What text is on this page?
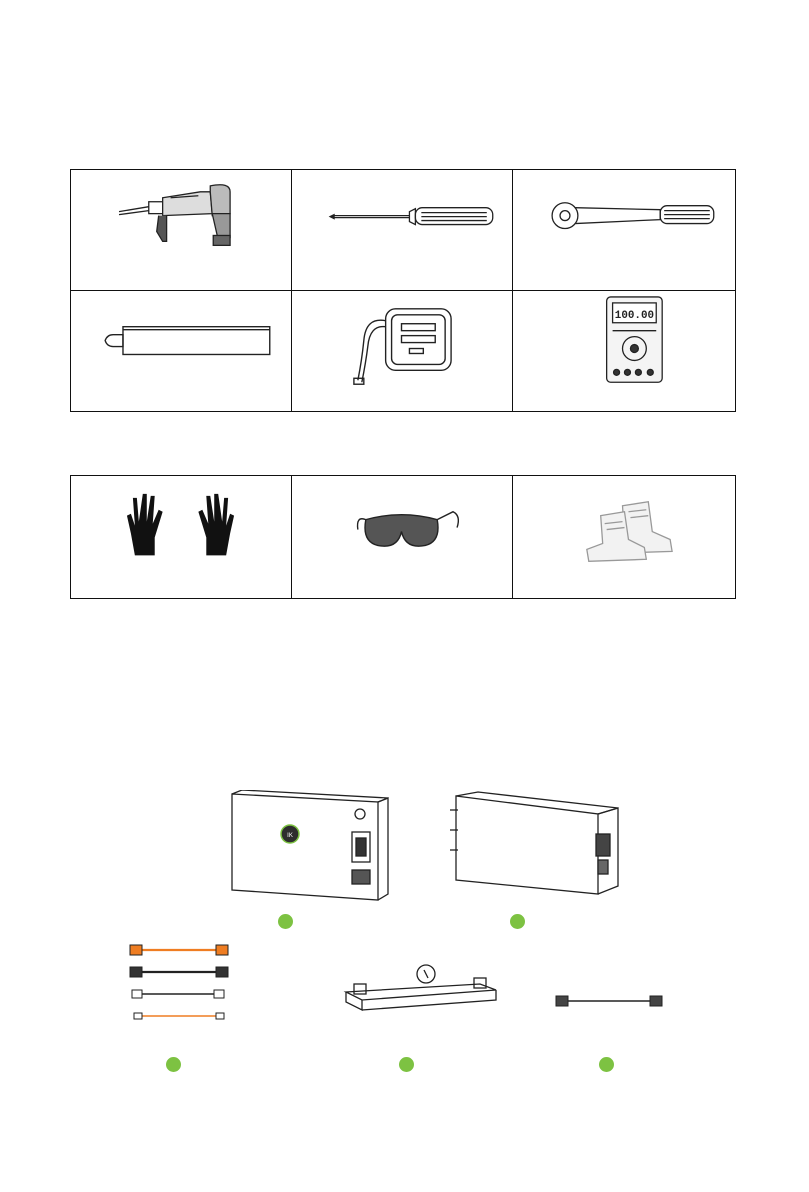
100.00
IK
